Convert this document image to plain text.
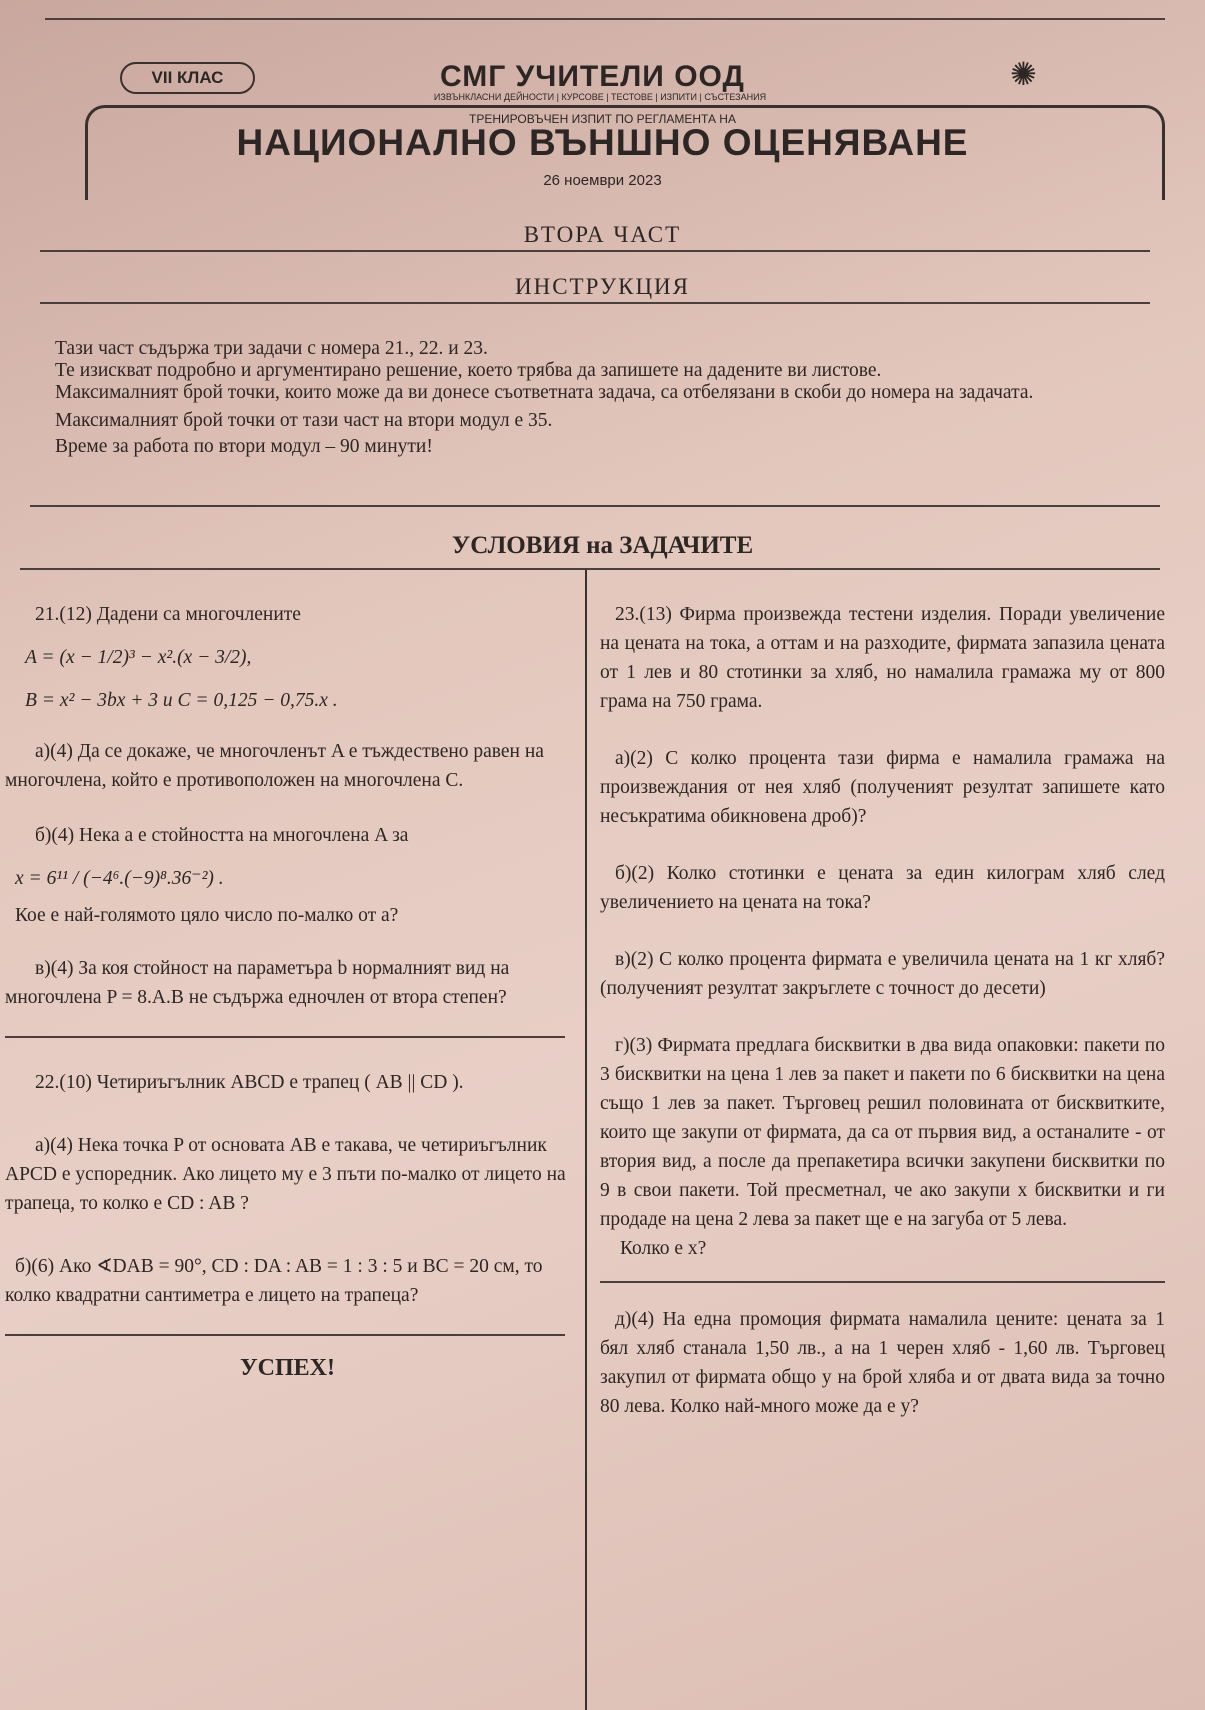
VII КЛАС	СМГ УЧИТЕЛИ ООД
ИЗВЪНКЛАСНИ ДЕЙНОСТИ | КУРСОВЕ | ТЕСТОВЕ | ИЗПИТИ | СЪСТЕЗАНИЯ
✺
ТРЕНИРОВЪЧЕН ИЗПИТ ПО РЕГЛАМЕНТА НА
НАЦИОНАЛНО ВЪНШНО ОЦЕНЯВАНЕ
26 ноември 2023
ВТОРА ЧАСТ
ИНСТРУКЦИЯ

Тази част съдържа три задачи с номера 21., 22. и 23.

Те изискват подробно и аргументирано решение, което трябва да запишете на дадените ви листове.

Максималният брой точки, които може да ви донесе съответната задача, са отбелязани в скоби до номера на задачата.

Максималният брой точки от тази част на втори модул е 35.

Време за работа по втори модул – 90 минути!

УСЛОВИЯ на ЗАДАЧИТЕ

21.(12) Дадени са многочлените

A = (x − 1/2)³ − x².(x − 3/2),

B = x² − 3bx + 3 и C = 0,125 − 0,75.x .

а)(4) Да се докаже, че многочленът A е тъждествено равен на многочлена, който е противоположен на многочлена C.

б)(4) Нека a е стойността на многочлена A за

x = 6¹¹ / (−4⁶.(−9)⁸.36⁻²) .

Кое е най-голямото цяло число по-малко от a?

в)(4) За коя стойност на параметъра b нормалният вид на многочлена P = 8.A.B не съдържа едночлен от втора степен?

22.(10) Четириъгълник ABCD е трапец ( AB || CD ).

а)(4) Нека точка P от основата AB е такава, че четириъгълник APCD е успоредник. Ако лицето му е 3 пъти по-малко от лицето на трапеца, то колко е CD : AB ?

б)(6) Ако ∢DAB = 90°, CD : DA : AB = 1 : 3 : 5 и BC = 20 см, то колко квадратни сантиметра е лицето на трапеца?

УСПЕХ!

23.(13) Фирма произвежда тестени изделия. Поради увеличение на цената на тока, а оттам и на разходите, фирмата запазила цената от 1 лев и 80 стотинки за хляб, но намалила грамажа му от 800 грама на 750 грама.

а)(2) С колко процента тази фирма е намалила грамажа на произвеждания от нея хляб (полученият резултат запишете като несъкратима обикновена дроб)?

б)(2) Колко стотинки е цената за един килограм хляб след увеличението на цената на тока?

в)(2) С колко процента фирмата е увеличила цената на 1 кг хляб? (полученият резултат закръглете с точност до десети)

г)(3) Фирмата предлага бисквитки в два вида опаковки: пакети по 3 бисквитки на цена 1 лев за пакет и пакети по 6 бисквитки на цена също 1 лев за пакет. Търговец решил половината от бисквитките, които ще закупи от фирмата, да са от първия вид, а останалите - от втория вид, а после да препакетира всички закупени бисквитки по 9 в свои пакети. Той пресметнал, че ако закупи x бисквитки и ги продаде на цена 2 лева за пакет ще е на загуба от 5 лева.

Колко е x?

д)(4) На една промоция фирмата намалила цените: цената за 1 бял хляб станала 1,50 лв., а на 1 черен хляб - 1,60 лв. Търговец закупил от фирмата общо y на брой хляба и от двата вида за точно 80 лева. Колко най-много може да е y?
